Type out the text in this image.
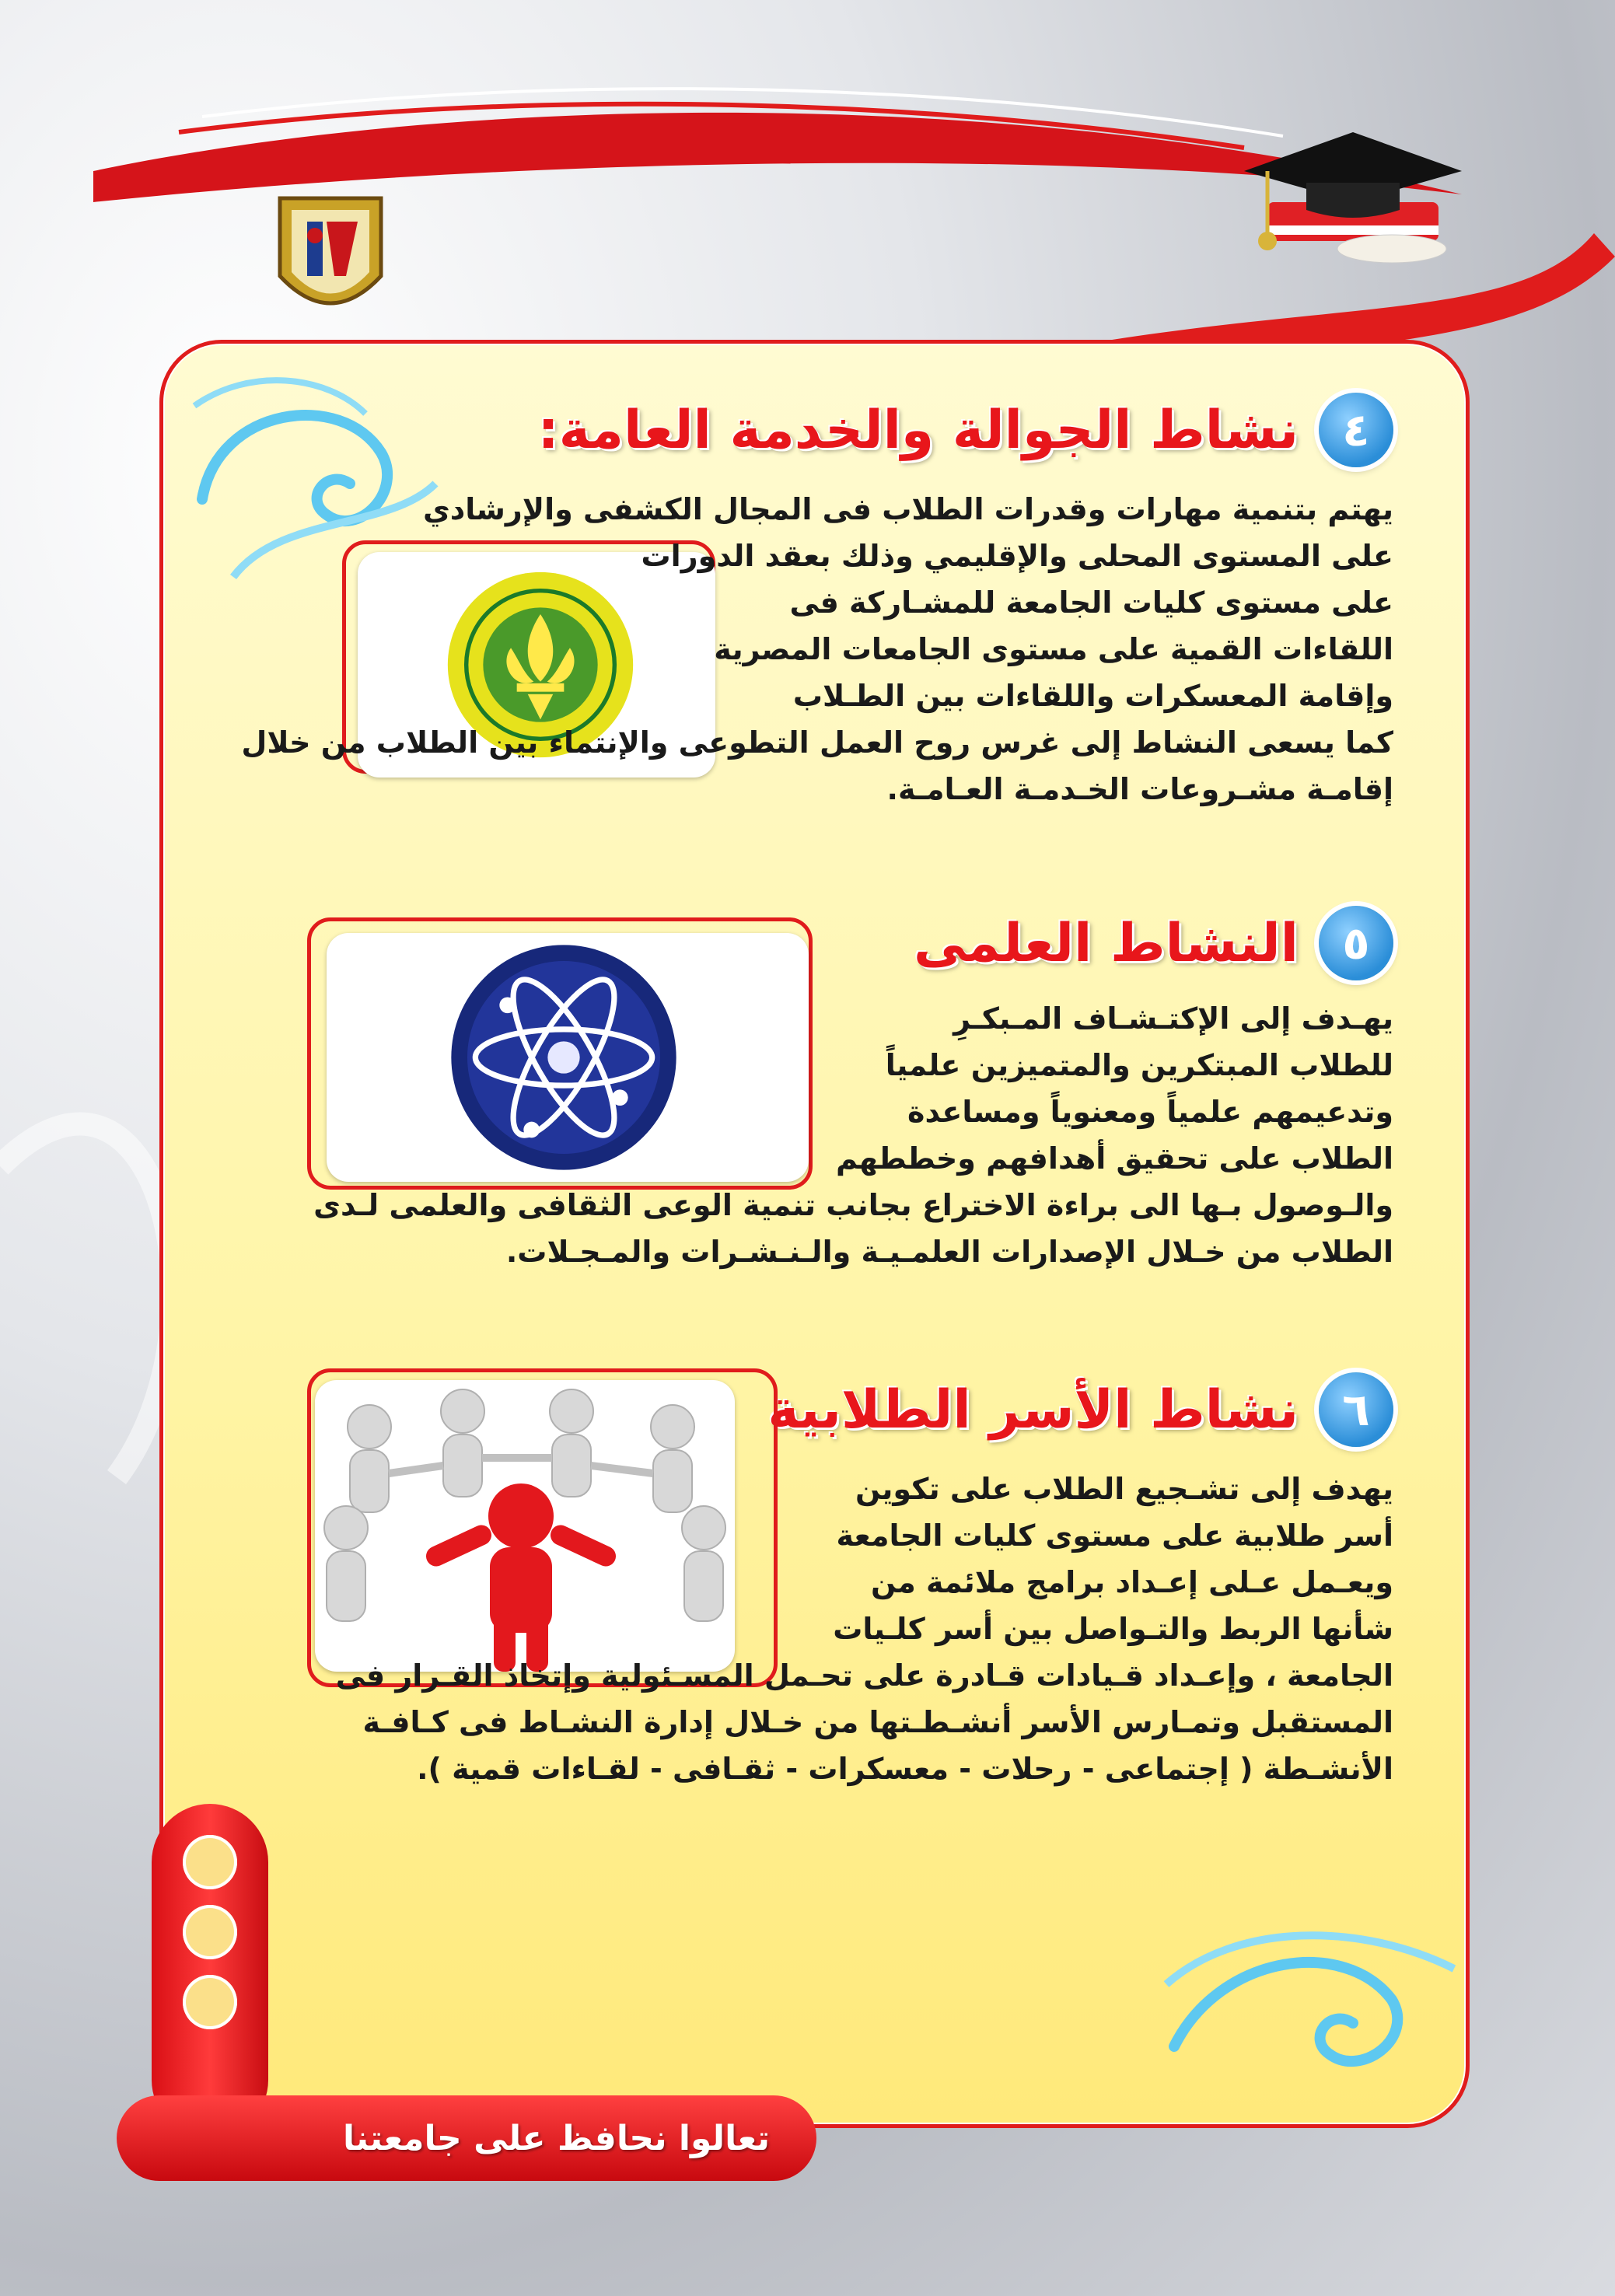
٤
نشاط الجوالة والخدمة العامة:

يهتم بتنمية مهارات وقدرات الطلاب فى المجال الكشفى والإرشادي

على المستوى المحلى والإقليمي وذلك بعقد الدورات

على مستوى كليات الجامعة للمشـاركة فى

اللقاءات القمية على مستوى الجامعات المصرية

وإقامة المعسكرات واللقاءات بين الطـلاب

كما يسعى النشاط إلى غرس روح العمل التطوعى والإنتماء بين الطلاب من خلال

إقامـة مشـروعات الخـدمـة العـامـة.

٥
النشاط العلمى

يهـدف إلى الإكتـشـاف المـبكـرِ

للطلاب المبتكرين والمتميزين علمياً

وتدعيمهم علمياً ومعنوياً ومساعدة

الطلاب على تحقيق أهدافهم وخططهم

والـوصول بـها الى براءة الاختراع بجانب تنمية الوعى الثقافى والعلمى لـدى

الطلاب من خـلال الإصدارات العلمـيـة والـنـشـرات والمـجـلات.

٦
نشاط الأسر الطلابية

يهدف إلى تشـجيع الطلاب على تكوين

أسر طلابية على مستوى كليات الجامعة

ويعـمل عـلى إعـداد برامج ملائمة من

شأنها الربط والتـواصل بين أسر كلـيات

الجامعة ، وإعـداد قـيادات قـادرة على تحـمل المسـئولية وإتخاذ القـرار فى

المستقبل وتمـارس الأسر أنشـطـتها من خـلال إدارة النشـاط فى كـافـة

الأنشـطة ( إجتماعى - رحلات - معسكرات - ثقـافى - لقـاءات قمية ).

تعالوا نحافظ على جامعتنا
